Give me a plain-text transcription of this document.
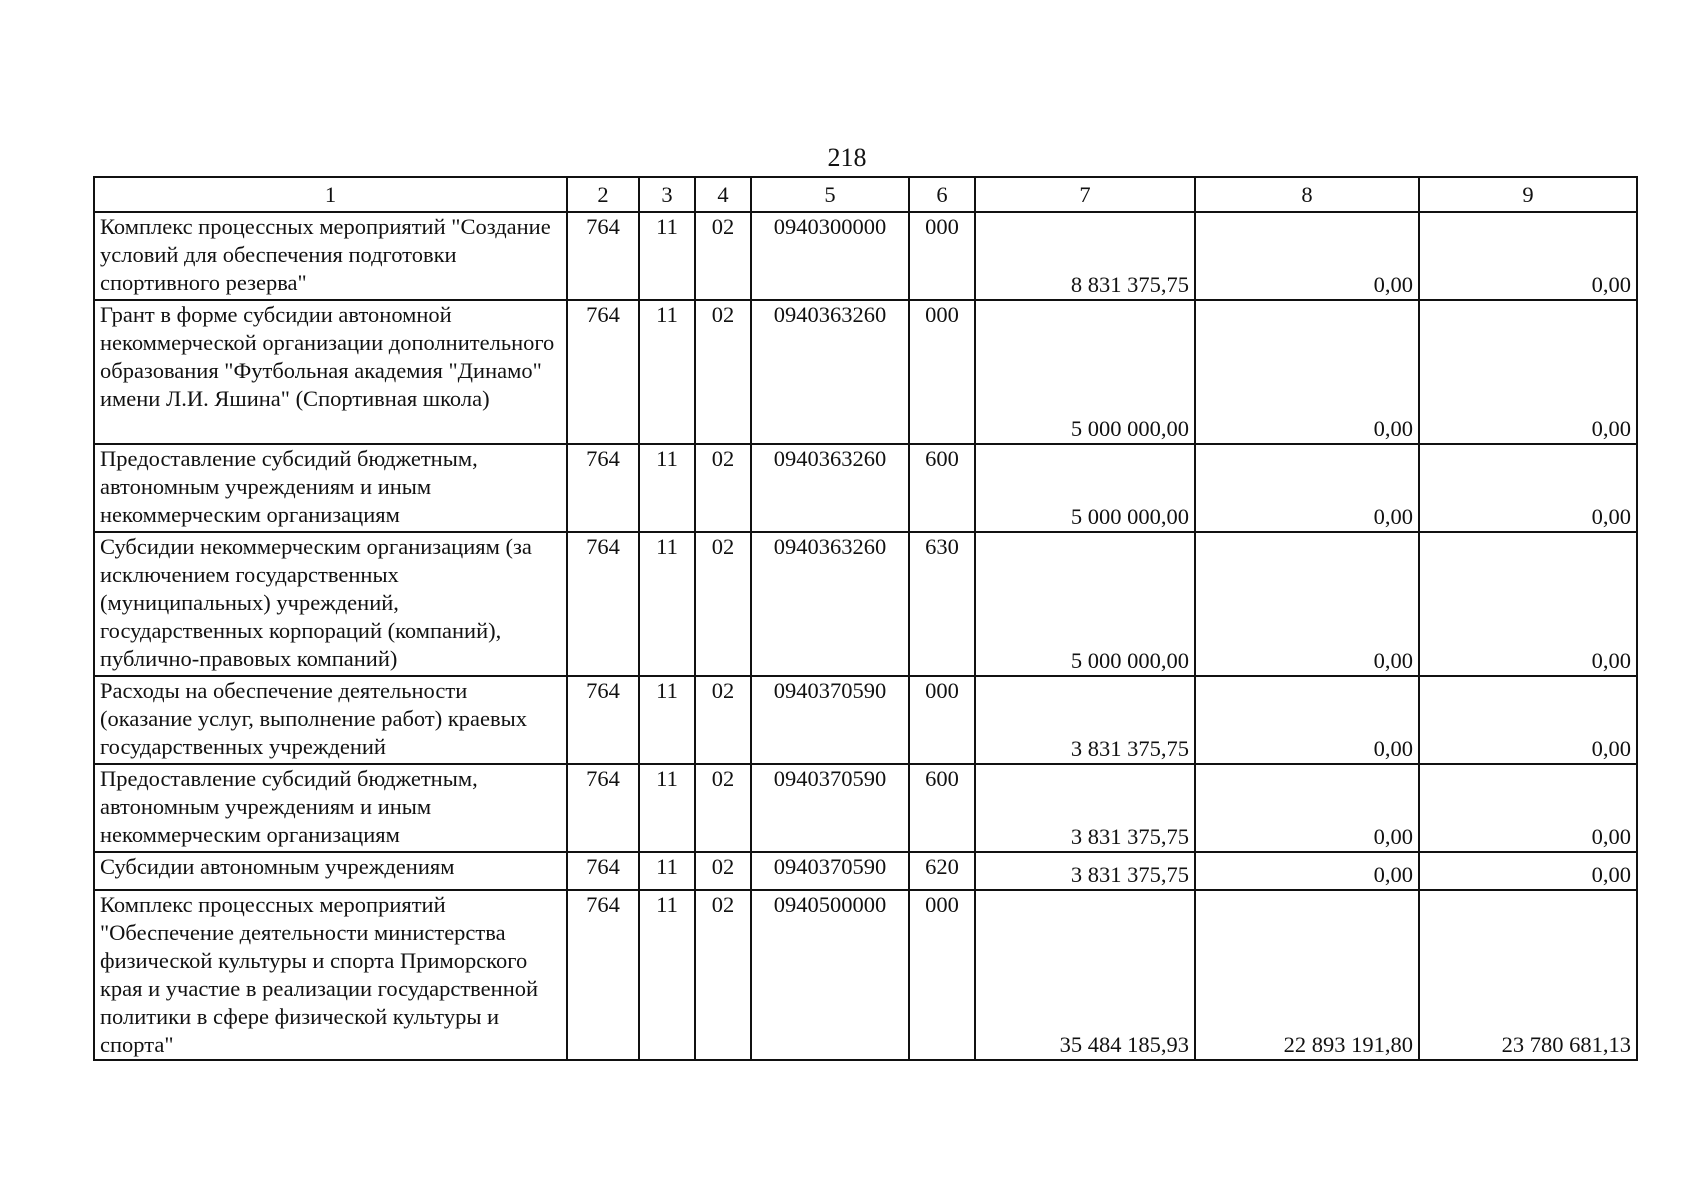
218
1	2	3	4	5	6	7	8	9
Комплекс процессных мероприятий "Создание условий для обеспечения подготовки спортивного резерва"	764	11	02	0940300000	000	8 831 375,75	0,00	0,00
Грант в форме субсидии автономной некоммерческой организации дополнительного образования "Футбольная академия "Динамо" имени Л.И. Яшина" (Спортивная школа)	764	11	02	0940363260	000	5 000 000,00	0,00	0,00
Предоставление субсидий бюджетным, автономным учреждениям и иным некоммерческим организациям	764	11	02	0940363260	600	5 000 000,00	0,00	0,00
Субсидии некоммерческим организациям (за исключением государственных (муниципальных) учреждений, государственных корпораций (компаний), публично-правовых компаний)	764	11	02	0940363260	630	5 000 000,00	0,00	0,00
Расходы на обеспечение деятельности (оказание услуг, выполнение работ) краевых государственных учреждений	764	11	02	0940370590	000	3 831 375,75	0,00	0,00
Предоставление субсидий бюджетным, автономным учреждениям и иным некоммерческим организациям	764	11	02	0940370590	600	3 831 375,75	0,00	0,00
Субсидии автономным учреждениям	764	11	02	0940370590	620	3 831 375,75	0,00	0,00
Комплекс процессных мероприятий "Обеспечение деятельности министерства физической культуры и спорта Приморского края и участие в реализации государственной политики в сфере физической культуры и спорта"	764	11	02	0940500000	000	35 484 185,93	22 893 191,80	23 780 681,13
